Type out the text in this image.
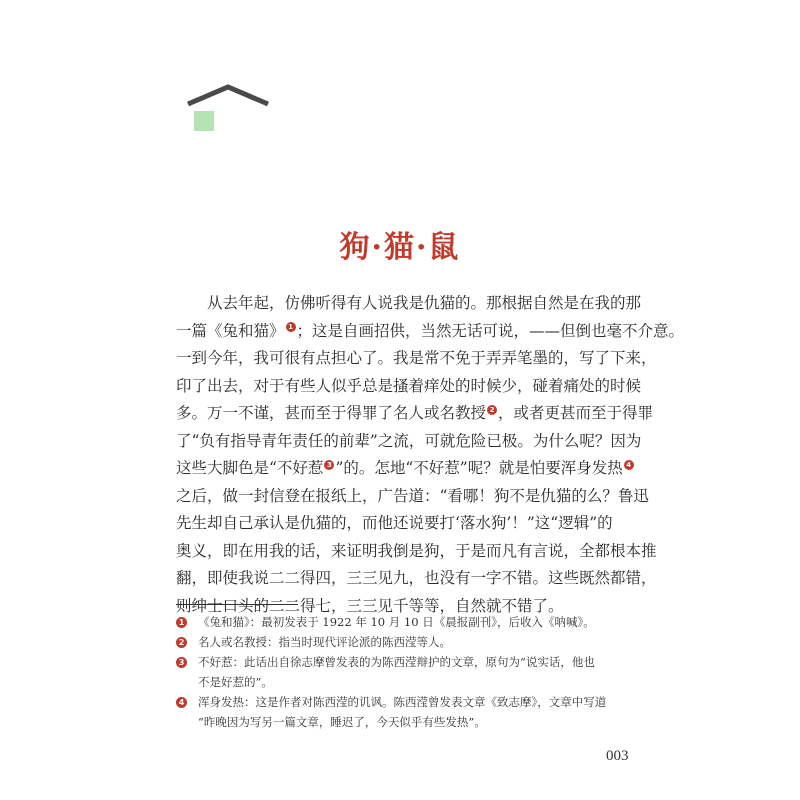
狗·猫·鼠
从去年起，仿佛听得有人说我是仇猫的。那根据自然是在我的那
一篇《兔和猫》 1 ；这是自画招供，当然无话可说，——但倒也毫不介意。
一到今年，我可很有点担心了。我是常不免于弄弄笔墨的，写了下来，
印了出去，对于有些人似乎总是搔着痒处的时候少，碰着痛处的时候
多。万一不谨，甚而至于得罪了名人或名教授 2 ，或者更甚而至于得罪
了“负有指导青年责任的前辈”之流，可就危险已极。为什么呢？因为
这些大脚色是“不好惹 3 ”的。怎地“不好惹”呢？就是怕要浑身发热 4
之后，做一封信登在报纸上，广告道：“看哪！狗不是仇猫的么？鲁迅
先生却自己承认是仇猫的，而他还说要打‘落水狗’！”这“逻辑”的
奥义，即在用我的话，来证明我倒是狗，于是而凡有言说，全都根本推
翻，即使我说二二得四，三三见九，也没有一字不错。这些既然都错，
则绅士口头的二二得七，三三见千等等，自然就不错了。
1 《兔和猫》：最初发表于 1922 年 10 月 10 日《晨报副刊》，后收入《呐喊》。
2 名人或名教授：指当时现代评论派的陈西滢等人。
3 不好惹：此话出自徐志摩曾发表的为陈西滢辩护的文章，原句为“说实话，他也
不是好惹的”。
4 浑身发热：这是作者对陈西滢的讥讽。陈西滢曾发表文章《致志摩》，文章中写道
“昨晚因为写另一篇文章，睡迟了，今天似乎有些发热”。
003
